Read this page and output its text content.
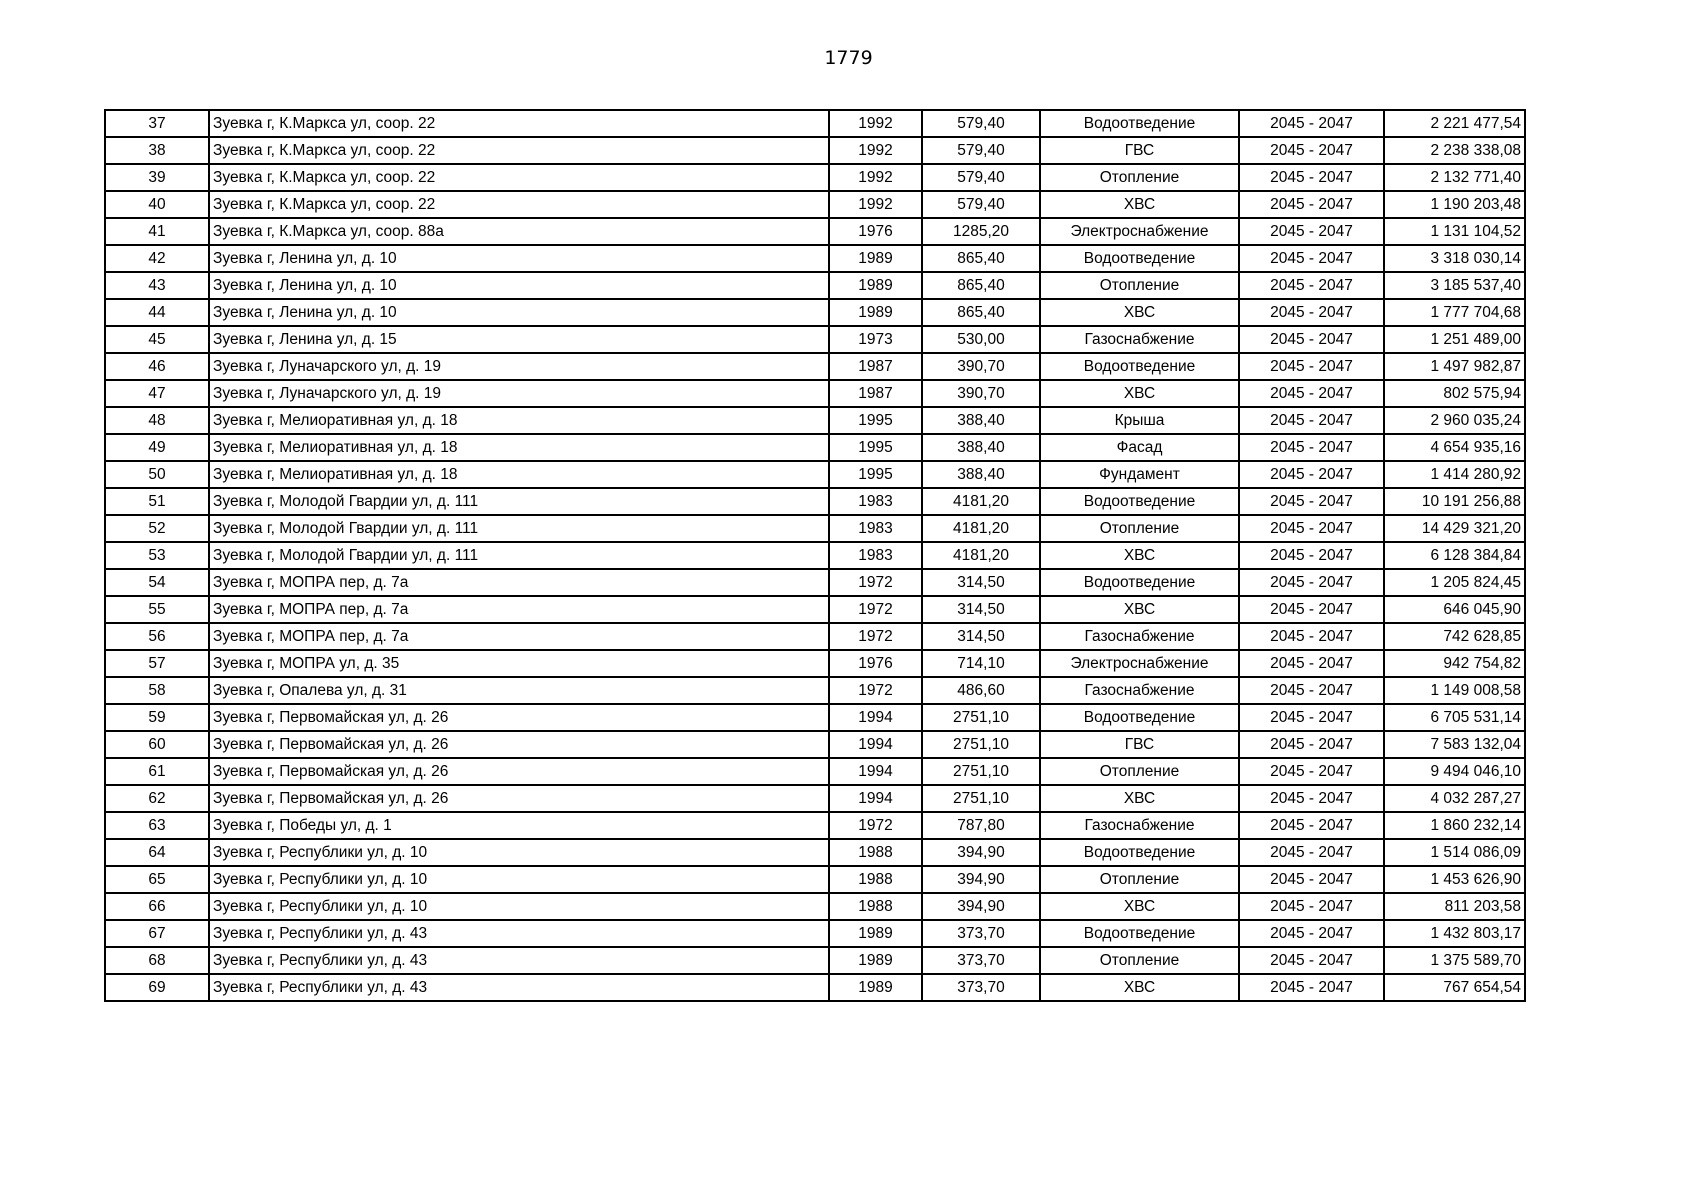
1779
37	Зуевка г, К.Маркса ул, соор. 22	1992	579,40	Водоотведение	2045 - 2047	2 221 477,54
38	Зуевка г, К.Маркса ул, соор. 22	1992	579,40	ГВС	2045 - 2047	2 238 338,08
39	Зуевка г, К.Маркса ул, соор. 22	1992	579,40	Отопление	2045 - 2047	2 132 771,40
40	Зуевка г, К.Маркса ул, соор. 22	1992	579,40	ХВС	2045 - 2047	1 190 203,48
41	Зуевка г, К.Маркса ул, соор. 88а	1976	1285,20	Электроснабжение	2045 - 2047	1 131 104,52
42	Зуевка г, Ленина ул, д. 10	1989	865,40	Водоотведение	2045 - 2047	3 318 030,14
43	Зуевка г, Ленина ул, д. 10	1989	865,40	Отопление	2045 - 2047	3 185 537,40
44	Зуевка г, Ленина ул, д. 10	1989	865,40	ХВС	2045 - 2047	1 777 704,68
45	Зуевка г, Ленина ул, д. 15	1973	530,00	Газоснабжение	2045 - 2047	1 251 489,00
46	Зуевка г, Луначарского ул, д. 19	1987	390,70	Водоотведение	2045 - 2047	1 497 982,87
47	Зуевка г, Луначарского ул, д. 19	1987	390,70	ХВС	2045 - 2047	802 575,94
48	Зуевка г, Мелиоративная ул, д. 18	1995	388,40	Крыша	2045 - 2047	2 960 035,24
49	Зуевка г, Мелиоративная ул, д. 18	1995	388,40	Фасад	2045 - 2047	4 654 935,16
50	Зуевка г, Мелиоративная ул, д. 18	1995	388,40	Фундамент	2045 - 2047	1 414 280,92
51	Зуевка г, Молодой Гвардии ул, д. 111	1983	4181,20	Водоотведение	2045 - 2047	10 191 256,88
52	Зуевка г, Молодой Гвардии ул, д. 111	1983	4181,20	Отопление	2045 - 2047	14 429 321,20
53	Зуевка г, Молодой Гвардии ул, д. 111	1983	4181,20	ХВС	2045 - 2047	6 128 384,84
54	Зуевка г, МОПРА пер, д. 7а	1972	314,50	Водоотведение	2045 - 2047	1 205 824,45
55	Зуевка г, МОПРА пер, д. 7а	1972	314,50	ХВС	2045 - 2047	646 045,90
56	Зуевка г, МОПРА пер, д. 7а	1972	314,50	Газоснабжение	2045 - 2047	742 628,85
57	Зуевка г, МОПРА ул, д. 35	1976	714,10	Электроснабжение	2045 - 2047	942 754,82
58	Зуевка г, Опалева ул, д. 31	1972	486,60	Газоснабжение	2045 - 2047	1 149 008,58
59	Зуевка г, Первомайская ул, д. 26	1994	2751,10	Водоотведение	2045 - 2047	6 705 531,14
60	Зуевка г, Первомайская ул, д. 26	1994	2751,10	ГВС	2045 - 2047	7 583 132,04
61	Зуевка г, Первомайская ул, д. 26	1994	2751,10	Отопление	2045 - 2047	9 494 046,10
62	Зуевка г, Первомайская ул, д. 26	1994	2751,10	ХВС	2045 - 2047	4 032 287,27
63	Зуевка г, Победы ул, д. 1	1972	787,80	Газоснабжение	2045 - 2047	1 860 232,14
64	Зуевка г, Республики ул, д. 10	1988	394,90	Водоотведение	2045 - 2047	1 514 086,09
65	Зуевка г, Республики ул, д. 10	1988	394,90	Отопление	2045 - 2047	1 453 626,90
66	Зуевка г, Республики ул, д. 10	1988	394,90	ХВС	2045 - 2047	811 203,58
67	Зуевка г, Республики ул, д. 43	1989	373,70	Водоотведение	2045 - 2047	1 432 803,17
68	Зуевка г, Республики ул, д. 43	1989	373,70	Отопление	2045 - 2047	1 375 589,70
69	Зуевка г, Республики ул, д. 43	1989	373,70	ХВС	2045 - 2047	767 654,54
